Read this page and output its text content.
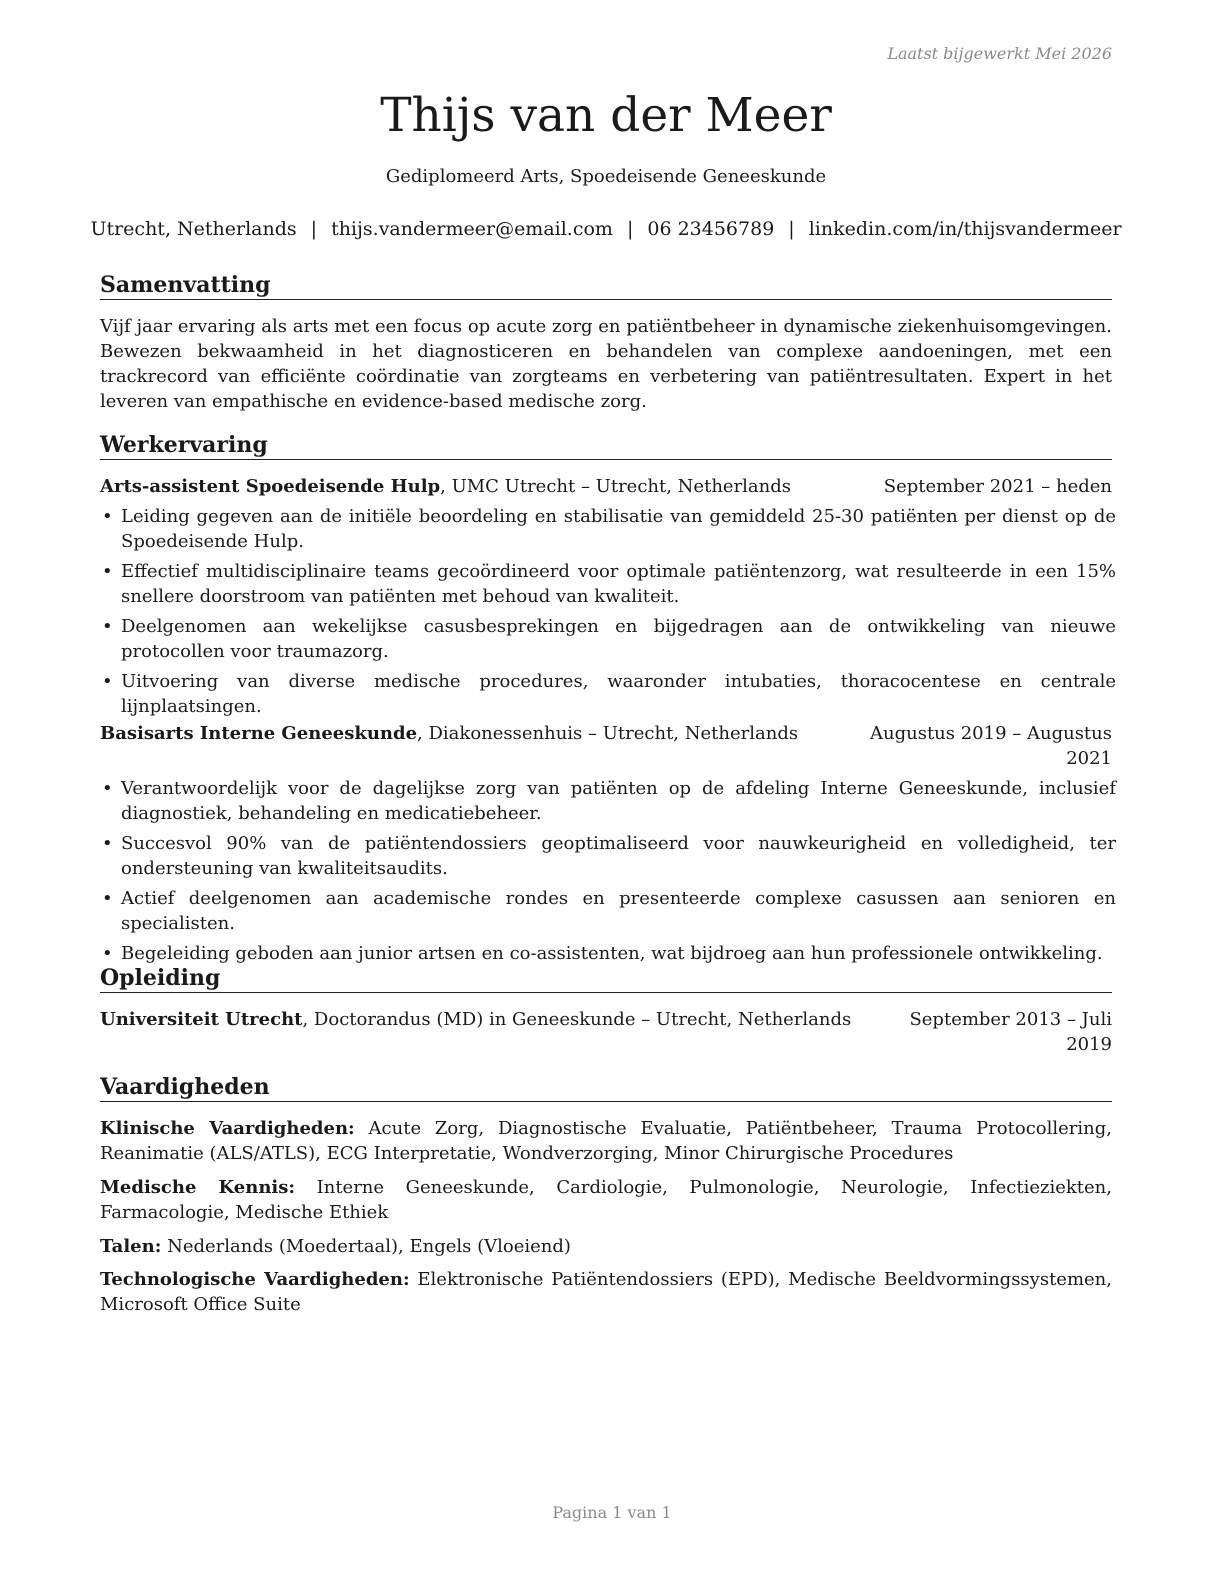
Laatst bijgewerkt Mei 2026
Thijs van der Meer
Gediplomeerd Arts, Spoedeisende Geneeskunde
Utrecht, Netherlands | thijs.vandermeer@email.com | 06 23456789 | linkedin.com/in/thijsvandermeer
Samenvatting
Vijf jaar ervaring als arts met een focus op acute zorg en patiëntbeheer in dynamische ziekenhuisomgevingen. Bewezen bekwaamheid in het diagnosticeren en behandelen van complexe aandoeningen, met een trackrecord van efficiënte coördinatie van zorgteams en verbetering van patiëntresultaten. Expert in het leveren van empathische en evidence-based medische zorg.
Werkervaring
Arts-assistent Spoedeisende Hulp, UMC Utrecht – Utrecht, Netherlands	September 2021 – heden
• Leiding gegeven aan de initiële beoordeling en stabilisatie van gemiddeld 25-30 patiënten per dienst op de Spoedeisende Hulp.
• Effectief multidisciplinaire teams gecoördineerd voor optimale patiëntenzorg, wat resulteerde in een 15% snellere doorstroom van patiënten met behoud van kwaliteit.
• Deelgenomen aan wekelijkse casusbesprekingen en bijgedragen aan de ontwikkeling van nieuwe protocollen voor traumazorg.
• Uitvoering van diverse medische procedures, waaronder intubaties, thoracocentese en centrale lijnplaatsingen.
Basisarts Interne Geneeskunde, Diakonessenhuis – Utrecht, Netherlands	Augustus 2019 – Augustus
2021
• Verantwoordelijk voor de dagelijkse zorg van patiënten op de afdeling Interne Geneeskunde, inclusief diagnostiek, behandeling en medicatiebeheer.
• Succesvol 90% van de patiëntendossiers geoptimaliseerd voor nauwkeurigheid en volledigheid, ter ondersteuning van kwaliteitsaudits.
• Actief deelgenomen aan academische rondes en presenteerde complexe casussen aan senioren en specialisten.
• Begeleiding geboden aan junior artsen en co-assistenten, wat bijdroeg aan hun professionele ontwikkeling.
Opleiding
Universiteit Utrecht, Doctorandus (MD) in Geneeskunde – Utrecht, Netherlands	September 2013 – Juli
2019
Vaardigheden
Klinische Vaardigheden: Acute Zorg, Diagnostische Evaluatie, Patiëntbeheer, Trauma Protocollering, Reanimatie (ALS/ATLS), ECG Interpretatie, Wondverzorging, Minor Chirurgische Procedures
Medische Kennis: Interne Geneeskunde, Cardiologie, Pulmonologie, Neurologie, Infectieziekten, Farmacologie, Medische Ethiek
Talen: Nederlands (Moedertaal), Engels (Vloeiend)
Technologische Vaardigheden: Elektronische Patiëntendossiers (EPD), Medische Beeldvormingssystemen, Microsoft Office Suite
Pagina 1 van 1
